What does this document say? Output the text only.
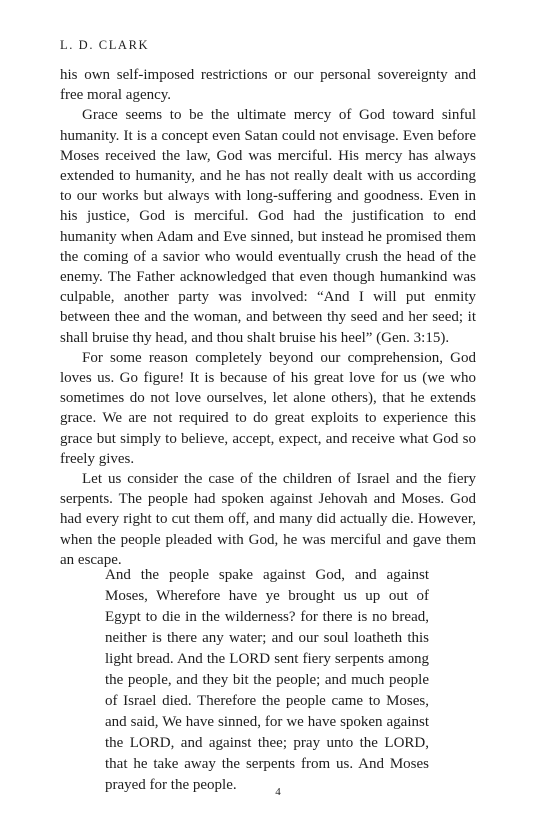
L. D. CLARK

his own self-imposed restrictions or our personal sovereignty and free moral agency.

Grace seems to be the ultimate mercy of God toward sinful humanity. It is a concept even Satan could not envisage. Even before Moses received the law, God was merciful. His mercy has always extended to humanity, and he has not really dealt with us according to our works but always with long-suffering and goodness. Even in his justice, God is merciful. God had the justification to end humanity when Adam and Eve sinned, but instead he promised them the coming of a savior who would eventually crush the head of the enemy. The Father acknowledged that even though humankind was culpable, another party was involved: “And I will put enmity between thee and the woman, and between thy seed and her seed; it shall bruise thy head, and thou shalt bruise his heel” (Gen. 3:15).

For some reason completely beyond our comprehension, God loves us. Go figure! It is because of his great love for us (we who sometimes do not love ourselves, let alone others), that he extends grace. We are not required to do great exploits to experience this grace but simply to believe, accept, expect, and receive what God so freely gives.

Let us consider the case of the children of Israel and the fiery serpents. The people had spoken against Jehovah and Moses. God had every right to cut them off, and many did actually die. However, when the people pleaded with God, he was merciful and gave them an escape.

And the people spake against God, and against Moses, Wherefore have ye brought us up out of Egypt to die in the wilderness? for there is no bread, neither is there any water; and our soul loatheth this light bread. And the LORD sent fiery serpents among the people, and they bit the people; and much people of Israel died. Therefore the people came to Moses, and said, We have sinned, for we have spoken against the LORD, and against thee; pray unto the LORD, that he take away the serpents from us. And Moses prayed for the people.	4
